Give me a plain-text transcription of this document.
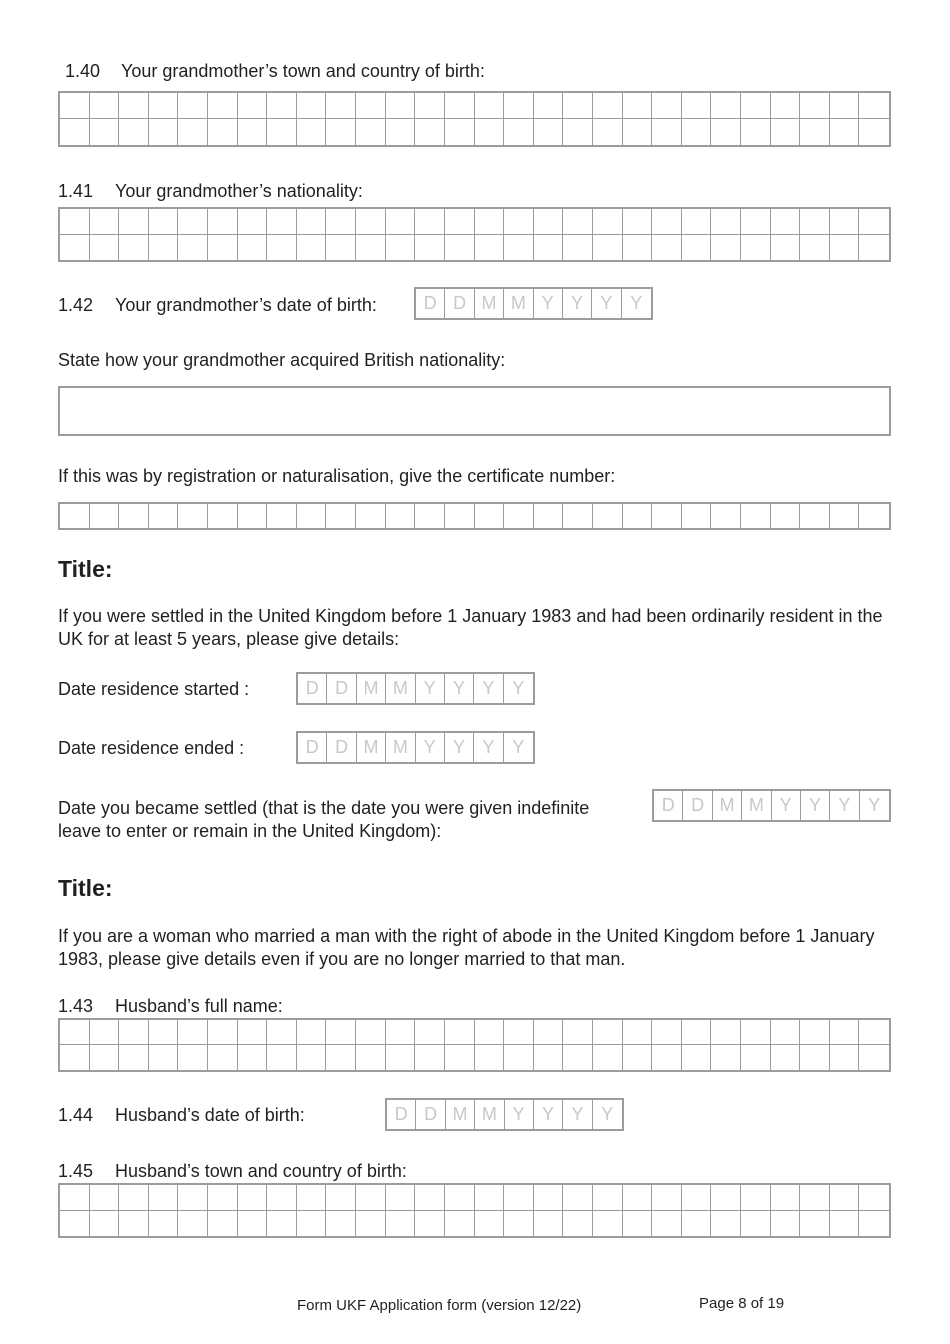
1.40 Your grandmother’s town and country of birth:
1.41 Your grandmother’s nationality:
1.42 Your grandmother’s date of birth:	D D M M Y Y Y Y
State how your grandmother acquired British nationality:
If this was by registration or naturalisation, give the certificate number:
Title:
If you were settled in the United Kingdom before 1 January 1983 and had been ordinarily resident in the UK for at least 5 years, please give details:
Date residence started :	D D M M Y Y Y Y
Date residence ended :	D D M M Y Y Y Y
Date you became settled (that is the date you were given indefinite
leave to enter or remain in the United Kingdom):
D D M M Y Y Y Y
Title:
If you are a woman who married a man with the right of abode in the United Kingdom before 1 January 1983, please give details even if you are no longer married to that man.
1.43 Husband’s full name:
1.44 Husband’s date of birth:	D D M M Y Y Y Y
1.45 Husband’s town and country of birth:
Form UKF Application form (version 12/22)	Page 8 of 19
